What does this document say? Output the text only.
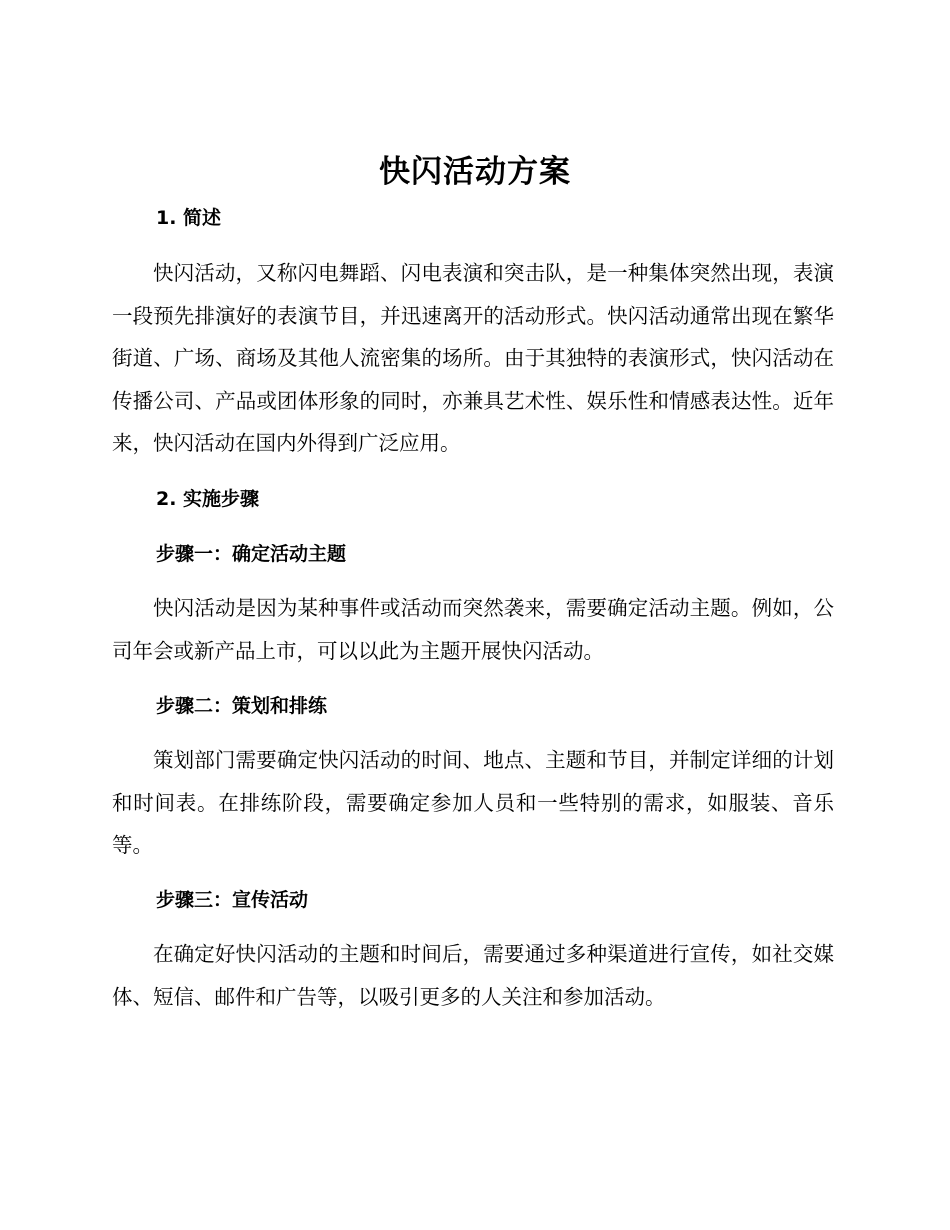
快闪活动方案
1. 简述

快闪活动，又称闪电舞蹈、闪电表演和突击队，是一种集体突然出现，表演一段预先排演好的表演节目，并迅速离开的活动形式。快闪活动通常出现在繁华街道、广场、商场及其他人流密集的场所。由于其独特的表演形式，快闪活动在传播公司、产品或团体形象的同时，亦兼具艺术性、娱乐性和情感表达性。近年来，快闪活动在国内外得到广泛应用。

2. 实施步骤
步骤一：确定活动主题

快闪活动是因为某种事件或活动而突然袭来，需要确定活动主题。例如，公司年会或新产品上市，可以以此为主题开展快闪活动。

步骤二：策划和排练

策划部门需要确定快闪活动的时间、地点、主题和节目，并制定详细的计划和时间表。在排练阶段，需要确定参加人员和一些特别的需求，如服装、音乐等。

步骤三：宣传活动

在确定好快闪活动的主题和时间后，需要通过多种渠道进行宣传，如社交媒体、短信、邮件和广告等，以吸引更多的人关注和参加活动。
